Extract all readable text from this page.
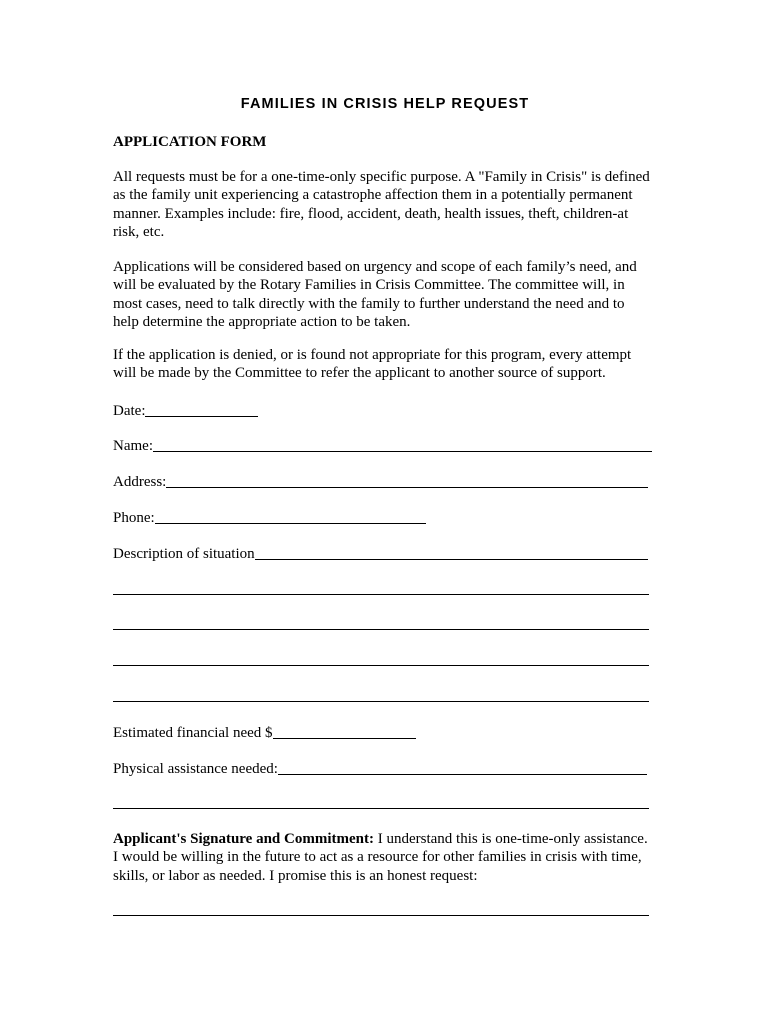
FAMILIES IN CRISIS HELP REQUEST
APPLICATION FORM

All requests must be for a one-time-only specific purpose. A "Family in Crisis" is defined
as the family unit experiencing a catastrophe affection them in a potentially permanent
manner. Examples include: fire, flood, accident, death, health issues, theft, children-at
risk, etc.

Applications will be considered based on urgency and scope of each family’s need, and
will be evaluated by the Rotary Families in Crisis Committee. The committee will, in
most cases, need to talk directly with the family to further understand the need and to
help determine the appropriate action to be taken.

If the application is denied, or is found not appropriate for this program, every attempt
will be made by the Committee to refer the applicant to another source of support.

Date:
Name:
Address:
Phone:
Description of situation
Estimated financial need $
Physical assistance needed:

Applicant's Signature and Commitment: I understand this is one-time-only assistance.
I would be willing in the future to act as a resource for other families in crisis with time,
skills, or labor as needed. I promise this is an honest request:
